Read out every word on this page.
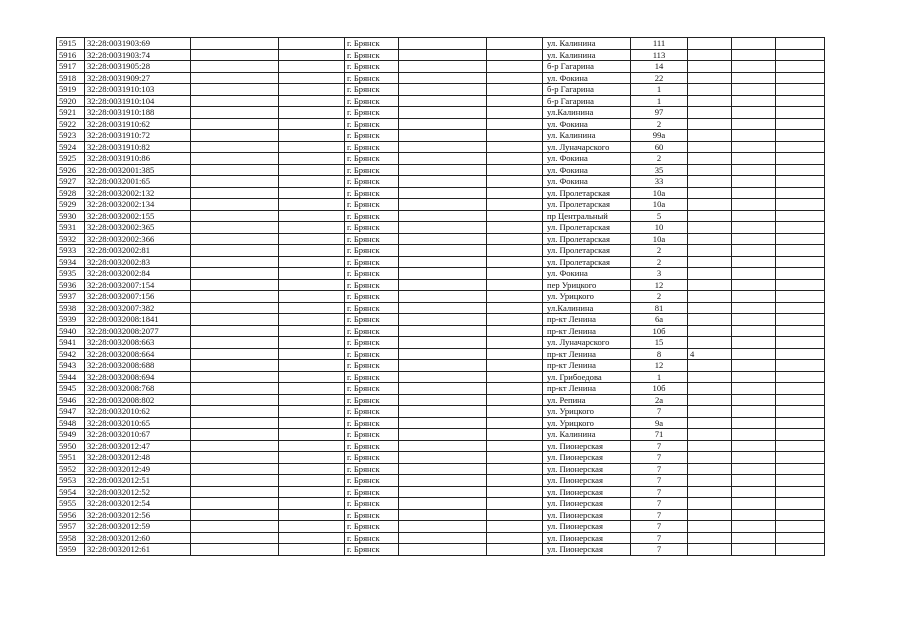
5915	32:28:0031903:69			г. Брянск			ул. Калинина	111			
5916	32:28:0031903:74			г. Брянск			ул. Калинина	113			
5917	32:28:0031905:28			г. Брянск			б-р Гагарина	14			
5918	32:28:0031909:27			г. Брянск			ул. Фокина	22			
5919	32:28:0031910:103			г. Брянск			б-р Гагарина	1			
5920	32:28:0031910:104			г. Брянск			б-р Гагарина	1			
5921	32:28:0031910:188			г. Брянск			ул.Калинина	97			
5922	32:28:0031910:62			г. Брянск			ул. Фокина	2			
5923	32:28:0031910:72			г. Брянск			ул. Калинина	99а			
5924	32:28:0031910:82			г. Брянск			ул. Луначарского	60			
5925	32:28:0031910:86			г. Брянск			ул. Фокина	2			
5926	32:28:0032001:385			г. Брянск			ул. Фокина	35			
5927	32:28:0032001:65			г. Брянск			ул. Фокина	33			
5928	32:28:0032002:132			г. Брянск			ул. Пролетарская	10а			
5929	32:28:0032002:134			г. Брянск			ул. Пролетарская	10а			
5930	32:28:0032002:155			г. Брянск			пр Центральный	5			
5931	32:28:0032002:365			г. Брянск			ул. Пролетарская	10			
5932	32:28:0032002:366			г. Брянск			ул. Пролетарская	10а			
5933	32:28:0032002:81			г. Брянск			ул. Пролетарская	2			
5934	32:28:0032002:83			г. Брянск			ул. Пролетарская	2			
5935	32:28:0032002:84			г. Брянск			ул. Фокина	3			
5936	32:28:0032007:154			г. Брянск			пер Урицкого	12			
5937	32:28:0032007:156			г. Брянск			ул. Урицкого	2			
5938	32:28:0032007:382			г. Брянск			ул.Калинина	81			
5939	32:28:0032008:1841			г. Брянск			пр-кт Ленина	6а			
5940	32:28:0032008:2077			г. Брянск			пр-кт Ленина	10б			
5941	32:28:0032008:663			г. Брянск			ул. Луначарского	15			
5942	32:28:0032008:664			г. Брянск			пр-кт Ленина	8	4		
5943	32:28:0032008:688			г. Брянск			пр-кт Ленина	12			
5944	32:28:0032008:694			г. Брянск			ул. Грибоедова	1			
5945	32:28:0032008:768			г. Брянск			пр-кт Ленина	10б			
5946	32:28:0032008:802			г. Брянск			ул. Репина	2а			
5947	32:28:0032010:62			г. Брянск			ул. Урицкого	7			
5948	32:28:0032010:65			г. Брянск			ул. Урицкого	9а			
5949	32:28:0032010:67			г. Брянск			ул. Калинина	71			
5950	32:28:0032012:47			г. Брянск			ул. Пионерская	7			
5951	32:28:0032012:48			г. Брянск			ул. Пионерская	7			
5952	32:28:0032012:49			г. Брянск			ул. Пионерская	7			
5953	32:28:0032012:51			г. Брянск			ул. Пионерская	7			
5954	32:28:0032012:52			г. Брянск			ул. Пионерская	7			
5955	32:28:0032012:54			г. Брянск			ул. Пионерская	7			
5956	32:28:0032012:56			г. Брянск			ул. Пионерская	7			
5957	32:28:0032012:59			г. Брянск			ул. Пионерская	7			
5958	32:28:0032012:60			г. Брянск			ул. Пионерская	7			
5959	32:28:0032012:61			г. Брянск			ул. Пионерская	7			
